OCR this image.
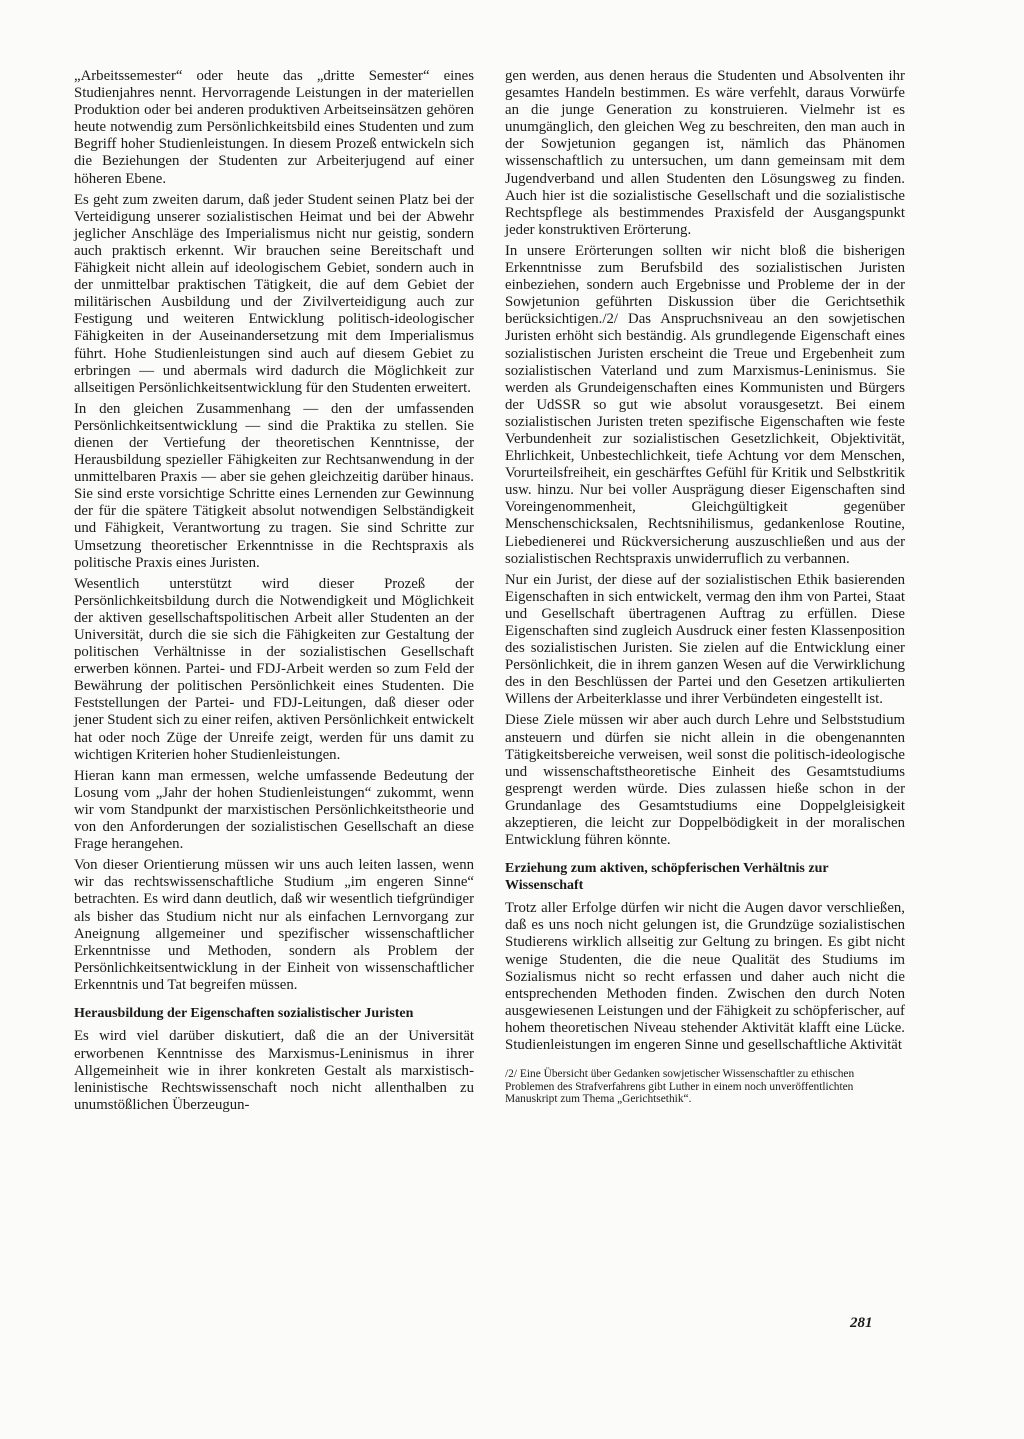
„Arbeitssemester“ oder heute das „dritte Semester“ eines Studienjahres nennt. Hervorragende Leistungen in der materiellen Produktion oder bei anderen produktiven Arbeitseinsätzen gehören heute notwendig zum Persönlichkeitsbild eines Studenten und zum Begriff hoher Studienleistungen. In diesem Prozeß entwickeln sich die Beziehungen der Studenten zur Arbeiterjugend auf einer höheren Ebene.

Es geht zum zweiten darum, daß jeder Student seinen Platz bei der Verteidigung unserer sozialistischen Heimat und bei der Abwehr jeglicher Anschläge des Imperialismus nicht nur geistig, sondern auch praktisch erkennt. Wir brauchen seine Bereitschaft und Fähigkeit nicht allein auf ideologischem Gebiet, sondern auch in der unmittelbar praktischen Tätigkeit, die auf dem Gebiet der militärischen Ausbildung und der Zivilverteidigung auch zur Festigung und weiteren Entwicklung politisch-ideologischer Fähigkeiten in der Auseinandersetzung mit dem Imperialismus führt. Hohe Studienleistungen sind auch auf diesem Gebiet zu erbringen — und abermals wird dadurch die Möglichkeit zur allseitigen Persönlichkeitsentwicklung für den Studenten erweitert.

In den gleichen Zusammenhang — den der umfassenden Persönlichkeitsentwicklung — sind die Praktika zu stellen. Sie dienen der Vertiefung der theoretischen Kenntnisse, der Herausbildung spezieller Fähigkeiten zur Rechtsanwendung in der unmittelbaren Praxis — aber sie gehen gleichzeitig darüber hinaus. Sie sind erste vorsichtige Schritte eines Lernenden zur Gewinnung der für die spätere Tätigkeit absolut notwendigen Selbständigkeit und Fähigkeit, Verantwortung zu tragen. Sie sind Schritte zur Umsetzung theoretischer Erkenntnisse in die Rechtspraxis als politische Praxis eines Juristen.

Wesentlich unterstützt wird dieser Prozeß der Persönlichkeitsbildung durch die Notwendigkeit und Möglichkeit der aktiven gesellschaftspolitischen Arbeit aller Studenten an der Universität, durch die sie sich die Fähigkeiten zur Gestaltung der politischen Verhältnisse in der sozialistischen Gesellschaft erwerben können. Partei- und FDJ-Arbeit werden so zum Feld der Bewährung der politischen Persönlichkeit eines Studenten. Die Feststellungen der Partei- und FDJ-Leitungen, daß dieser oder jener Student sich zu einer reifen, aktiven Persönlichkeit entwickelt hat oder noch Züge der Unreife zeigt, werden für uns damit zu wichtigen Kriterien hoher Studienleistungen.

Hieran kann man ermessen, welche umfassende Bedeutung der Losung vom „Jahr der hohen Studienleistungen“ zukommt, wenn wir vom Standpunkt der marxistischen Persönlichkeitstheorie und von den Anforderungen der sozialistischen Gesellschaft an diese Frage herangehen.

Von dieser Orientierung müssen wir uns auch leiten lassen, wenn wir das rechtswissenschaftliche Studium „im engeren Sinne“ betrachten. Es wird dann deutlich, daß wir wesentlich tiefgründiger als bisher das Studium nicht nur als einfachen Lernvorgang zur Aneignung allgemeiner und spezifischer wissenschaftlicher Erkenntnisse und Methoden, sondern als Problem der Persönlichkeitsentwicklung in der Einheit von wissenschaftlicher Erkenntnis und Tat begreifen müssen.

Herausbildung der Eigenschaften sozialistischer Juristen

Es wird viel darüber diskutiert, daß die an der Universität erworbenen Kenntnisse des Marxismus-Leninismus in ihrer Allgemeinheit wie in ihrer konkreten Gestalt als marxistisch-leninistische Rechtswissenschaft noch nicht allenthalben zu unumstößlichen Überzeugun-

gen werden, aus denen heraus die Studenten und Absolventen ihr gesamtes Handeln bestimmen. Es wäre verfehlt, daraus Vorwürfe an die junge Generation zu konstruieren. Vielmehr ist es unumgänglich, den gleichen Weg zu beschreiten, den man auch in der Sowjetunion gegangen ist, nämlich das Phänomen wissenschaftlich zu untersuchen, um dann gemeinsam mit dem Jugendverband und allen Studenten den Lösungsweg zu finden. Auch hier ist die sozialistische Gesellschaft und die sozialistische Rechtspflege als bestimmendes Praxisfeld der Ausgangspunkt jeder konstruktiven Erörterung.

In unsere Erörterungen sollten wir nicht bloß die bisherigen Erkenntnisse zum Berufsbild des sozialistischen Juristen einbeziehen, sondern auch Ergebnisse und Probleme der in der Sowjetunion geführten Diskussion über die Gerichtsethik berücksichtigen./2/ Das Anspruchsniveau an den sowjetischen Juristen erhöht sich beständig. Als grundlegende Eigenschaft eines sozialistischen Juristen erscheint die Treue und Ergebenheit zum sozialistischen Vaterland und zum Marxismus-Leninismus. Sie werden als Grundeigenschaften eines Kommunisten und Bürgers der UdSSR so gut wie absolut vorausgesetzt. Bei einem sozialistischen Juristen treten spezifische Eigenschaften wie feste Verbundenheit zur sozialistischen Gesetzlichkeit, Objektivität, Ehrlichkeit, Unbestechlichkeit, tiefe Achtung vor dem Menschen, Vorurteilsfreiheit, ein geschärftes Gefühl für Kritik und Selbstkritik usw. hinzu. Nur bei voller Ausprägung dieser Eigenschaften sind Voreingenommenheit, Gleichgültigkeit gegenüber Menschenschicksalen, Rechtsnihilismus, gedankenlose Routine, Liebedienerei und Rückversicherung auszuschließen und aus der sozialistischen Rechtspraxis unwiderruflich zu verbannen.

Nur ein Jurist, der diese auf der sozialistischen Ethik basierenden Eigenschaften in sich entwickelt, vermag den ihm von Partei, Staat und Gesellschaft übertragenen Auftrag zu erfüllen. Diese Eigenschaften sind zugleich Ausdruck einer festen Klassenposition des sozialistischen Juristen. Sie zielen auf die Entwicklung einer Persönlichkeit, die in ihrem ganzen Wesen auf die Verwirklichung des in den Beschlüssen der Partei und den Gesetzen artikulierten Willens der Arbeiterklasse und ihrer Verbündeten eingestellt ist.

Diese Ziele müssen wir aber auch durch Lehre und Selbststudium ansteuern und dürfen sie nicht allein in die obengenannten Tätigkeitsbereiche verweisen, weil sonst die politisch-ideologische und wissenschaftstheoretische Einheit des Gesamtstudiums gesprengt werden würde. Dies zulassen hieße schon in der Grundanlage des Gesamtstudiums eine Doppelgleisigkeit akzeptieren, die leicht zur Doppelbödigkeit in der moralischen Entwicklung führen könnte.

Erziehung zum aktiven, schöpferischen Verhältnis zur Wissenschaft

Trotz aller Erfolge dürfen wir nicht die Augen davor verschließen, daß es uns noch nicht gelungen ist, die Grundzüge sozialistischen Studierens wirklich allseitig zur Geltung zu bringen. Es gibt nicht wenige Studenten, die die neue Qualität des Studiums im Sozialismus nicht so recht erfassen und daher auch nicht die entsprechenden Methoden finden. Zwischen den durch Noten ausgewiesenen Leistungen und der Fähigkeit zu schöpferischer, auf hohem theoretischen Niveau stehender Aktivität klafft eine Lücke. Studienleistungen im engeren Sinne und gesellschaftliche Aktivität

/2/ Eine Übersicht über Gedanken sowjetischer Wissenschaftler zu ethischen Problemen des Strafverfahrens gibt Luther in einem noch unveröffentlichten Manuskript zum Thema „Gerichtsethik“.

281
